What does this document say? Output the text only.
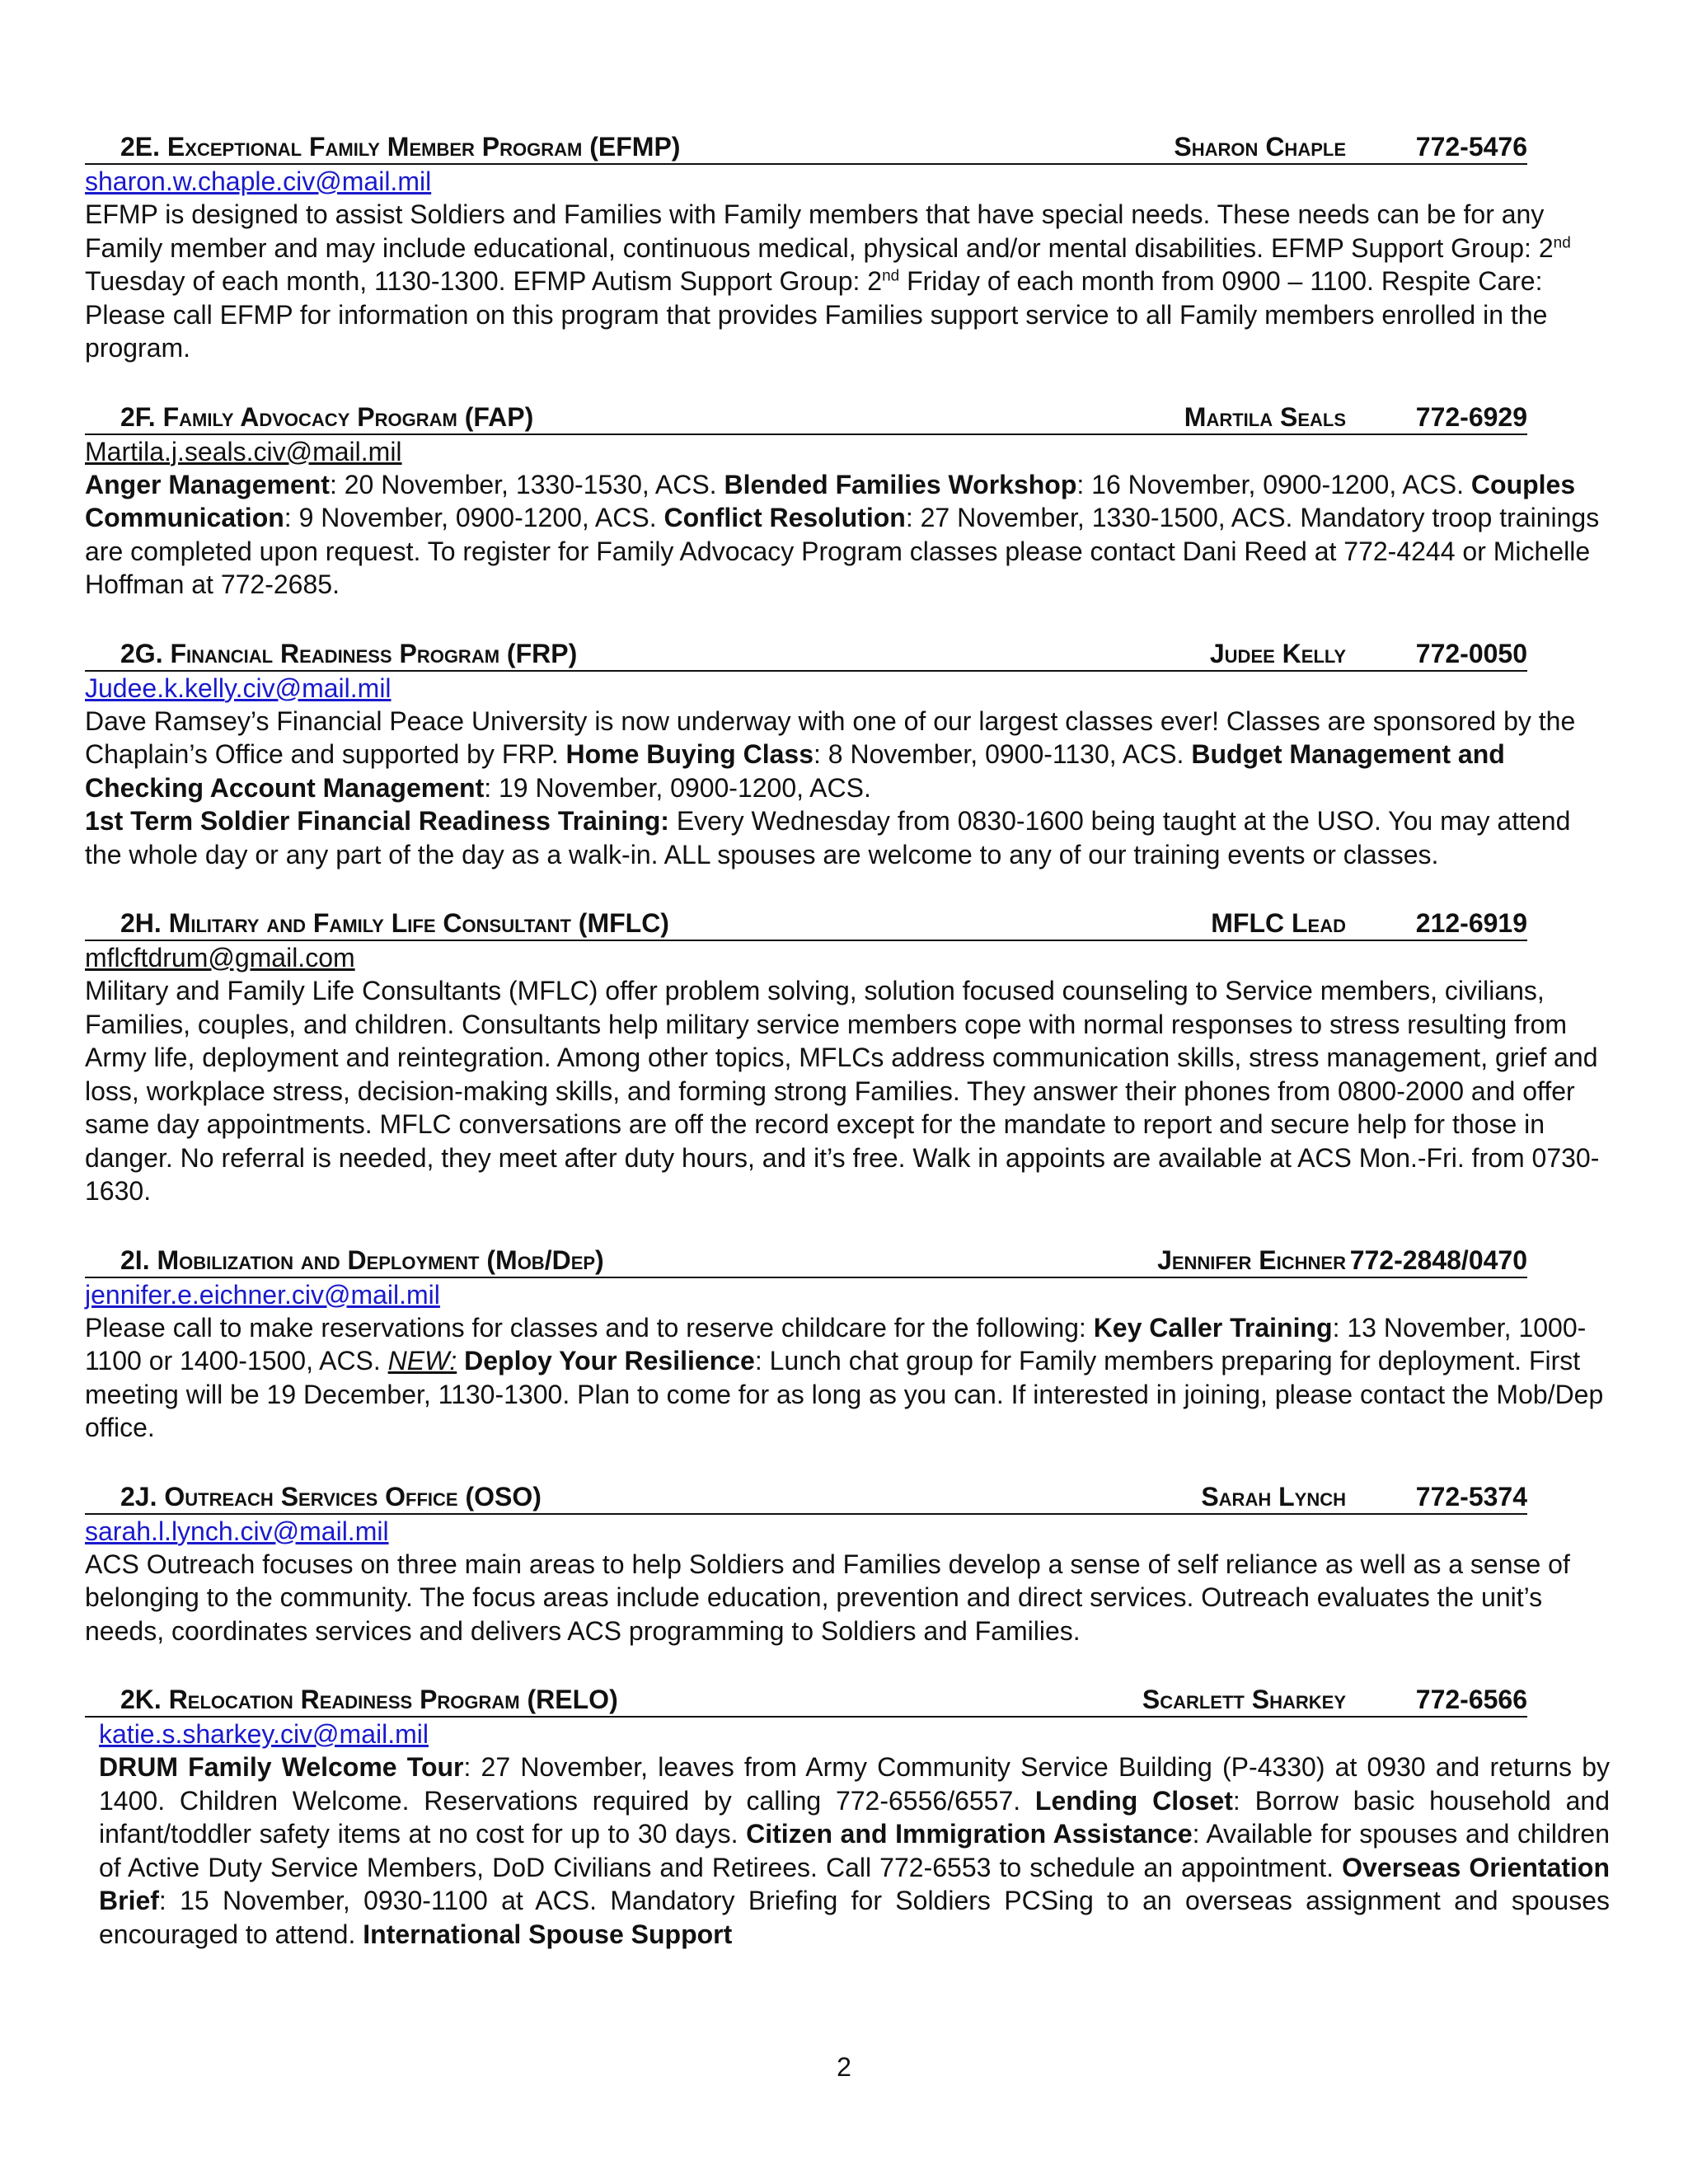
2E. Exceptional Family Member Program (EFMP)	Sharon Chaple	772-5476
sharon.w.chaple.civ@mail.mil
EFMP is designed to assist Soldiers and Families with Family members that have special needs. These needs can be for any Family member and may include educational, continuous medical, physical and/or mental disabilities. EFMP Support Group: 2nd Tuesday of each month, 1130-1300. EFMP Autism Support Group: 2nd Friday of each month from 0900 – 1100. Respite Care: Please call EFMP for information on this program that provides Families support service to all Family members enrolled in the program.
2F. Family Advocacy Program (FAP)	Martila Seals	772-6929
Martila.j.seals.civ@mail.mil
Anger Management: 20 November, 1330-1530, ACS. Blended Families Workshop: 16 November, 0900-1200, ACS. Couples Communication: 9 November, 0900-1200, ACS. Conflict Resolution: 27 November, 1330-1500, ACS. Mandatory troop trainings are completed upon request. To register for Family Advocacy Program classes please contact Dani Reed at 772-4244 or Michelle Hoffman at 772-2685.
2G. Financial Readiness Program (FRP)	Judee Kelly	772-0050
Judee.k.kelly.civ@mail.mil
Dave Ramsey’s Financial Peace University is now underway with one of our largest classes ever! Classes are sponsored by the Chaplain’s Office and supported by FRP. Home Buying Class: 8 November, 0900-1130, ACS. Budget Management and Checking Account Management: 19 November, 0900-1200, ACS.
1st Term Soldier Financial Readiness Training: Every Wednesday from 0830-1600 being taught at the USO. You may attend the whole day or any part of the day as a walk-in. ALL spouses are welcome to any of our training events or classes.
2H. Military and Family Life Consultant (MFLC)	MFLC Lead	212-6919
mflcftdrum@gmail.com
Military and Family Life Consultants (MFLC) offer problem solving, solution focused counseling to Service members, civilians, Families, couples, and children. Consultants help military service members cope with normal responses to stress resulting from Army life, deployment and reintegration. Among other topics, MFLCs address communication skills, stress management, grief and loss, workplace stress, decision-making skills, and forming strong Families. They answer their phones from 0800-2000 and offer same day appointments. MFLC conversations are off the record except for the mandate to report and secure help for those in danger. No referral is needed, they meet after duty hours, and it’s free. Walk in appoints are available at ACS Mon.-Fri. from 0730-1630.
2I. Mobilization and Deployment (Mob/Dep)	Jennifer Eichner 772-2848/0470
jennifer.e.eichner.civ@mail.mil
Please call to make reservations for classes and to reserve childcare for the following: Key Caller Training: 13 November, 1000-1100 or 1400-1500, ACS. NEW: Deploy Your Resilience: Lunch chat group for Family members preparing for deployment. First meeting will be 19 December, 1130-1300. Plan to come for as long as you can. If interested in joining, please contact the Mob/Dep office.
2J. Outreach Services Office (OSO)	Sarah Lynch	772-5374
sarah.l.lynch.civ@mail.mil
ACS Outreach focuses on three main areas to help Soldiers and Families develop a sense of self reliance as well as a sense of belonging to the community. The focus areas include education, prevention and direct services. Outreach evaluates the unit’s needs, coordinates services and delivers ACS programming to Soldiers and Families.
2K. Relocation Readiness Program (RELO)	Scarlett Sharkey	772-6566
katie.s.sharkey.civ@mail.mil
DRUM Family Welcome Tour: 27 November, leaves from Army Community Service Building (P-4330) at 0930 and returns by 1400. Children Welcome. Reservations required by calling 772-6556/6557. Lending Closet: Borrow basic household and infant/toddler safety items at no cost for up to 30 days. Citizen and Immigration Assistance: Available for spouses and children of Active Duty Service Members, DoD Civilians and Retirees. Call 772-6553 to schedule an appointment. Overseas Orientation Brief: 15 November, 0930-1100 at ACS. Mandatory Briefing for Soldiers PCSing to an overseas assignment and spouses encouraged to attend. International Spouse Support
2
